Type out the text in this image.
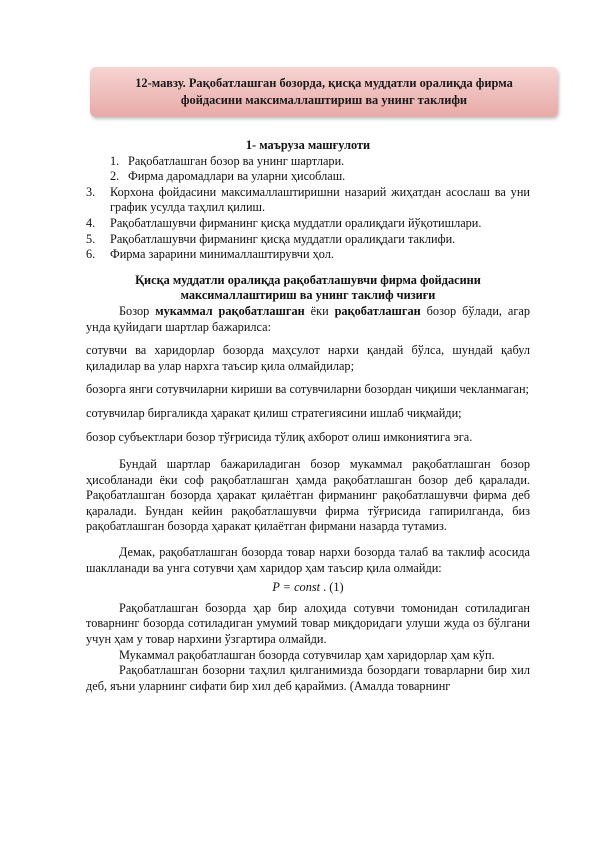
12-мавзу. Рақобатлашган бозорда, қисқа муддатли оралиқда фирма
фойдасини максималлаштириш ва унинг таклифи
1- маъруза машғулоти
1. Рақобатлашган бозор ва унинг шартлари.
2. Фирма даромадлари ва уларни ҳисоблаш.
3.	Корхона фойдасини максималлаштиришни назарий жиҳатдан асослаш ва уни график усулда таҳлил қилиш.
4.	Рақобатлашувчи фирманинг қисқа муддатли оралиқдаги йўқотишлари.
5.	Рақобатлашувчи фирманинг қисқа муддатли оралиқдаги таклифи.
6.	Фирма зарарини минималлаштирувчи ҳол.
Қисқа муддатли оралиқда рақобатлашувчи фирма фойдасини
максималлаштириш ва унинг таклиф чизиғи

Бозор мукаммал рақобатлашган ёки рақобатлашган бозор бўлади, агар унда қуйидаги шартлар бажарилса:

сотувчи ва харидорлар бозорда маҳсулот нархи қандай бўлса, шундай қабул қиладилар ва улар нархга таъсир қила олмайдилар;

бозорга янги сотувчиларни кириши ва сотувчиларни бозордан чиқиши чекланмаган;

сотувчилар биргаликда ҳаракат қилиш стратегиясини ишлаб чиқмайди;

бозор субъектлари бозор тўғрисида тўлиқ ахборот олиш имкониятига эга.

Бундай шартлар бажариладиган бозор мукаммал рақобатлашган бозор ҳисобланади ёки соф рақобатлашган ҳамда рақобатлашган бозор деб қаралади. Рақобатлашган бозорда ҳаракат қилаётган фирманинг рақобатлашувчи фирма деб қаралади. Бундан кейин рақобатлашувчи фирма тўғрисида гапирилганда, биз рақобатлашган бозорда ҳаракат қилаётган фирмани назарда тутамиз.

Демак, рақобатлашган бозорда товар нархи бозорда талаб ва таклиф асосида шаклланади ва унга сотувчи ҳам харидор ҳам таъсир қила олмайди:

P = const . (1)

Рақобатлашган бозорда ҳар бир алоҳида сотувчи томонидан сотиладиган товарнинг бозорда сотиладиган умумий товар миқдоридаги улуши жуда оз бўлгани учун ҳам у товар нархини ўзгартира олмайди.

Мукаммал рақобатлашган бозорда сотувчилар ҳам харидорлар ҳам кўп.

Рақобатлашган бозорни таҳлил қилганимизда бозордаги товарларни бир хил деб, яъни уларнинг сифати бир хил деб қараймиз. (Амалда товарнинг
